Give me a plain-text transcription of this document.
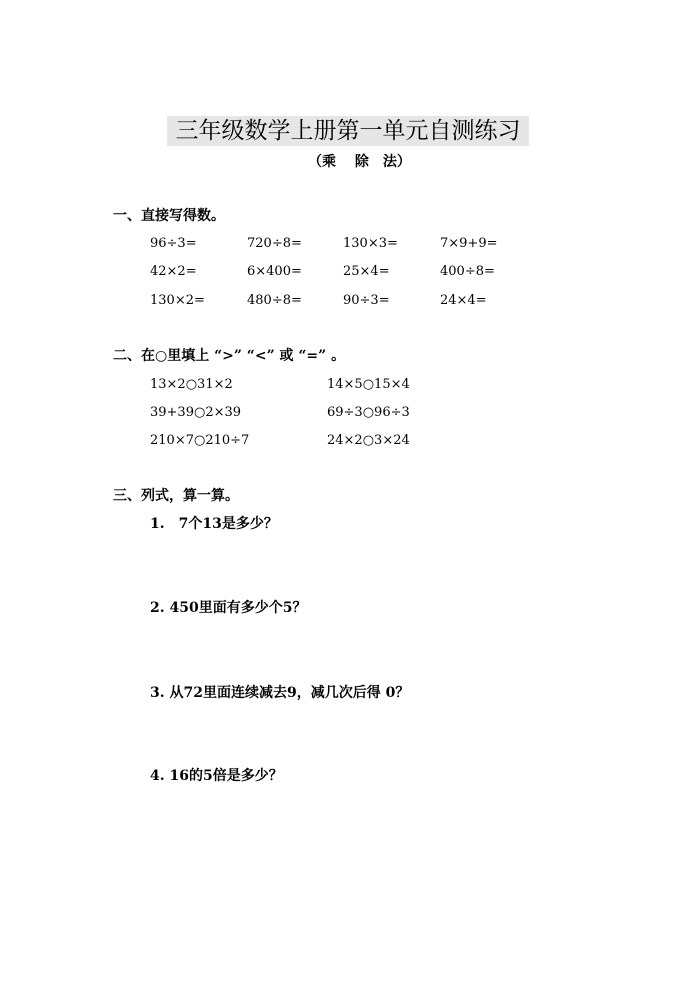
三年级数学上册第一单元自测练习
（乘　 除　法）
一、直接写得数。
96÷3=	720÷8=	130×3=	7×9+9=
42×2=	6×400=	25×4=	400÷8=
130×2=	480÷8=	90÷3=	24×4=
二、在○里填上 “>” “<” 或 “=” 。
13×2○31×2	14×5○15×4
39+39○2×39	69÷3○96÷3
210×7○210÷7	24×2○3×24
三、列式，算一算。
1.　7个13是多少？
2. 450里面有多少个5？
3. 从72里面连续减去9，减几次后得 0？
4. 16的5倍是多少？
